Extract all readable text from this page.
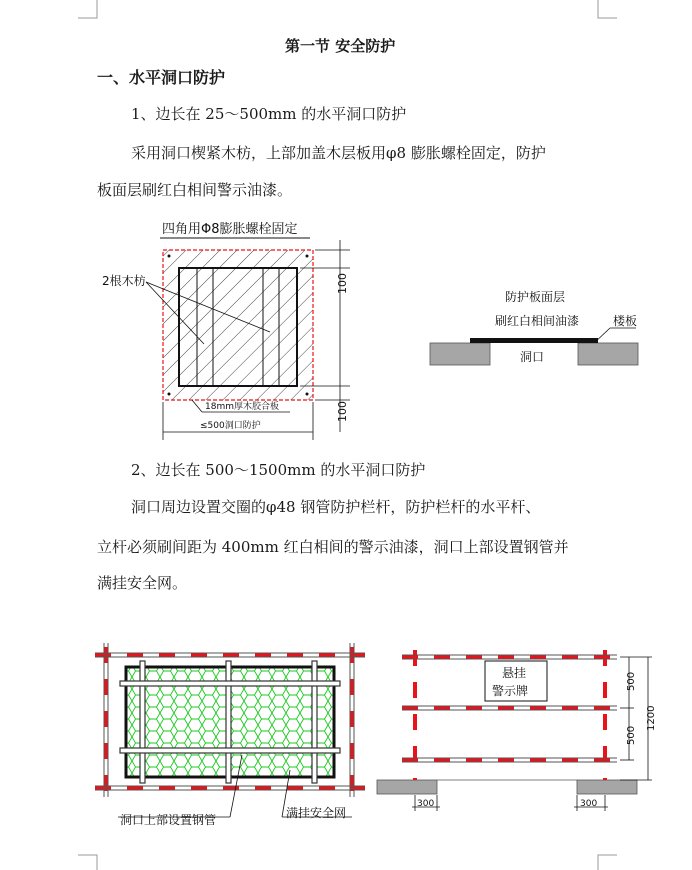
第一节 安全防护
一、水平洞口防护
1、边长在 25～500mm 的水平洞口防护
采用洞口楔紧木枋，上部加盖木层板用φ8 膨胀螺栓固定，防护
板面层刷红白相间警示油漆。
四角用Φ8膨胀螺栓固定
2根木枋
18mm厚木胶合板
≤500洞口防护
100
100
防护板面层
刷红白相间油漆	楼板
洞口
2、边长在 500～1500mm 的水平洞口防护
洞口周边设置交圈的φ48 钢管防护栏杆，防护栏杆的水平杆、
立杆必须刷间距为 400mm 红白相间的警示油漆，洞口上部设置钢管并
满挂安全网。
洞口上部设置钢管	满挂安全网
悬挂
警示牌	500
500
1200
300	300
